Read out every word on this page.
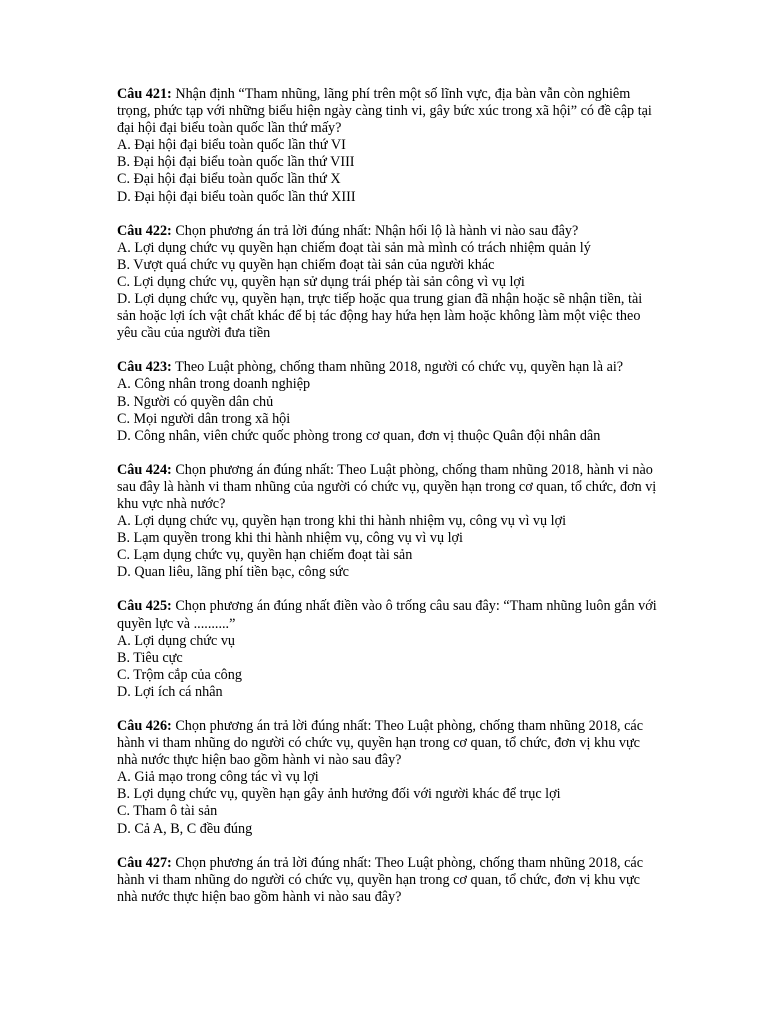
Câu 421: Nhận định “Tham nhũng, lãng phí trên một số lĩnh vực, địa bàn vẫn còn nghiêm trọng, phức tạp với những biểu hiện ngày càng tinh vi, gây bức xúc trong xã hội” có đề cập tại đại hội đại biểu toàn quốc lần thứ mấy?

A. Đại hội đại biểu toàn quốc lần thứ VI

B. Đại hội đại biểu toàn quốc lần thứ VIII

C. Đại hội đại biểu toàn quốc lần thứ X

D. Đại hội đại biểu toàn quốc lần thứ XIII

Câu 422: Chọn phương án trả lời đúng nhất: Nhận hối lộ là hành vi nào sau đây?

A. Lợi dụng chức vụ quyền hạn chiếm đoạt tài sản mà mình có trách nhiệm quản lý

B. Vượt quá chức vụ quyền hạn chiếm đoạt tài sản của người khác

C. Lợi dụng chức vụ, quyền hạn sử dụng trái phép tài sản công vì vụ lợi

D. Lợi dụng chức vụ, quyền hạn, trực tiếp hoặc qua trung gian đã nhận hoặc sẽ nhận tiền, tài sản hoặc lợi ích vật chất khác để bị tác động hay hứa hẹn làm hoặc không làm một việc theo yêu cầu của người đưa tiền

Câu 423: Theo Luật phòng, chống tham nhũng 2018, người có chức vụ, quyền hạn là ai?

A. Công nhân trong doanh nghiệp

B. Người có quyền dân chủ

C. Mọi người dân trong xã hội

D. Công nhân, viên chức quốc phòng trong cơ quan, đơn vị thuộc Quân đội nhân dân

Câu 424: Chọn phương án đúng nhất: Theo Luật phòng, chống tham nhũng 2018, hành vi nào sau đây là hành vi tham nhũng của người có chức vụ, quyền hạn trong cơ quan, tổ chức, đơn vị khu vực nhà nước?

A. Lợi dụng chức vụ, quyền hạn trong khi thi hành nhiệm vụ, công vụ vì vụ lợi

B. Lạm quyền trong khi thi hành nhiệm vụ, công vụ vì vụ lợi

C. Lạm dụng chức vụ, quyền hạn chiếm đoạt tài sản

D. Quan liêu, lãng phí tiền bạc, công sức

Câu 425: Chọn phương án đúng nhất điền vào ô trống câu sau đây: “Tham nhũng luôn gắn với quyền lực và ..........”

A. Lợi dụng chức vụ

B. Tiêu cực

C. Trộm cắp của công

D. Lợi ích cá nhân

Câu 426: Chọn phương án trả lời đúng nhất: Theo Luật phòng, chống tham nhũng 2018, các hành vi tham nhũng do người có chức vụ, quyền hạn trong cơ quan, tổ chức, đơn vị khu vực nhà nước thực hiện bao gồm hành vi nào sau đây?

A. Giả mạo trong công tác vì vụ lợi

B. Lợi dụng chức vụ, quyền hạn gây ảnh hưởng đối với người khác để trục lợi

C. Tham ô tài sản

D. Cả A, B, C đều đúng

Câu 427: Chọn phương án trả lời đúng nhất: Theo Luật phòng, chống tham nhũng 2018, các hành vi tham nhũng do người có chức vụ, quyền hạn trong cơ quan, tổ chức, đơn vị khu vực nhà nước thực hiện bao gồm hành vi nào sau đây?
